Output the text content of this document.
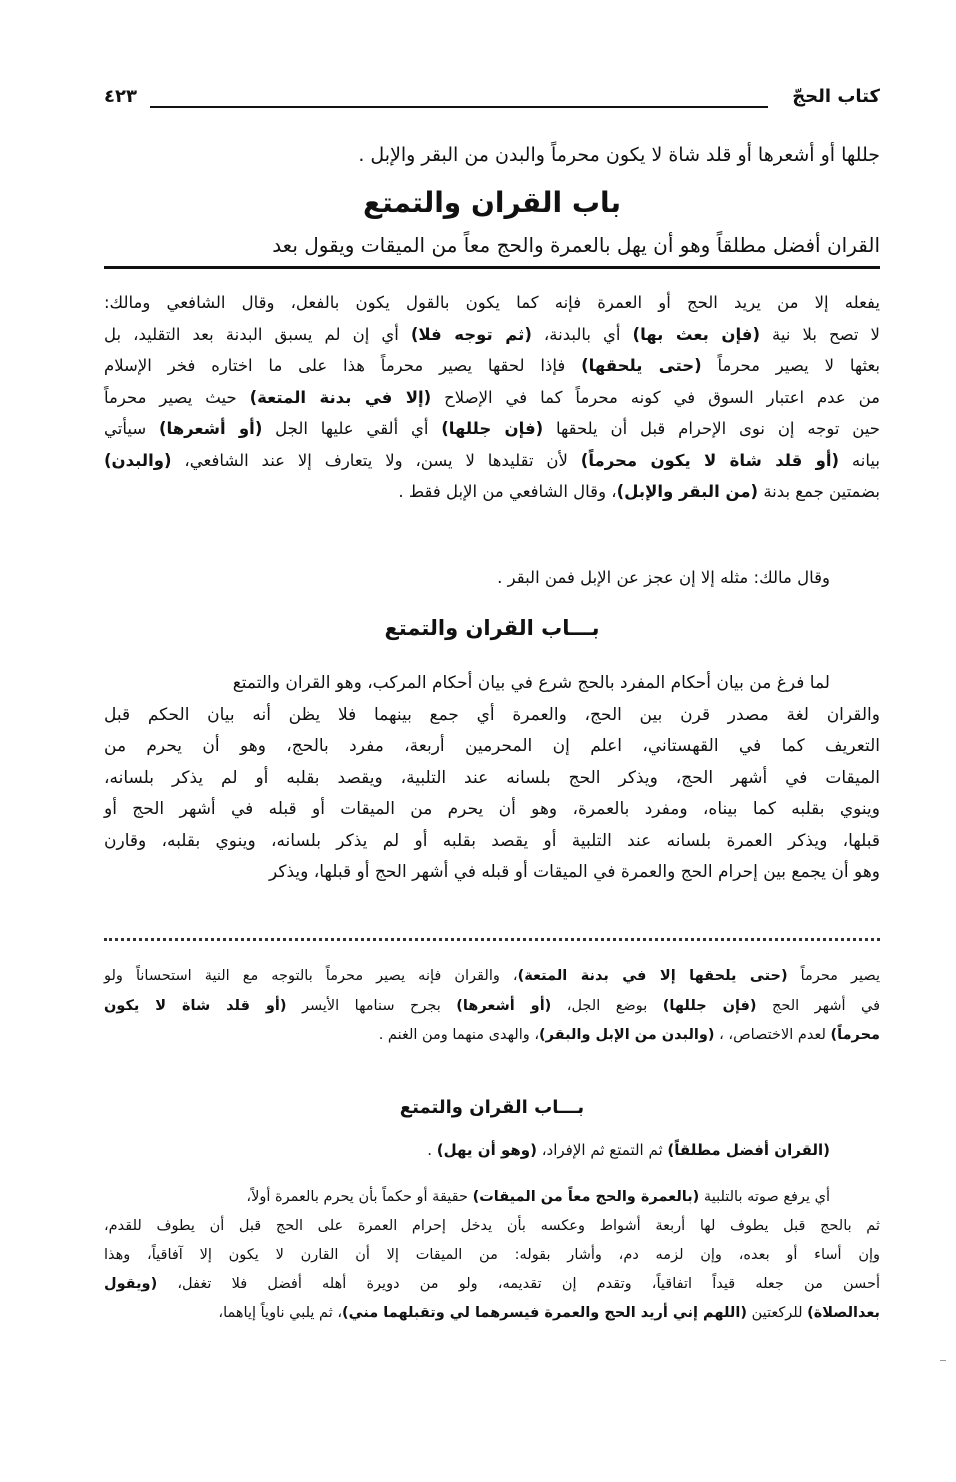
كتاب الحجّ
٤٢٣
جللها أو أشعرها أو قلد شاة لا يكون محرماً والبدن من البقر والإبل .
باب القران والتمتع
القران أفضل مطلقاً وهو أن يهل بالعمرة والحج معاً من الميقات ويقول بعد
يفعله إلا من يريد الحج أو العمرة فإنه كما يكون بالقول يكون بالفعل، وقال الشافعي ومالك:
لا تصح بلا نية (فإن بعث بها) أي بالبدنة، (ثم توجه فلا) أي إن لم يسبق البدنة بعد التقليد، بل
بعثها لا يصير محرماً (حتى يلحقها) فإذا لحقها يصير محرماً هذا على ما اختاره فخر الإسلام
من عدم اعتبار السوق في كونه محرماً كما في الإصلاح (إلا في بدنة المتعة) حيث يصير محرماً
حين توجه إن نوى الإحرام قبل أن يلحقها (فإن جللها) أي ألقي عليها الجل (أو أشعرها) سيأتي
بيانه (أو قلد شاة لا يكون محرماً) لأن تقليدها لا يسن، ولا يتعارف إلا عند الشافعي، (والبدن)
بضمتين جمع بدنة (من البقر والإبل)، وقال الشافعي من الإبل فقط .
وقال مالك: مثله إلا إن عجز عن الإبل فمن البقر .
بـــاب القران والتمتع
لما فرغ من بيان أحكام المفرد بالحج شرع في بيان أحكام المركب، وهو القران والتمتع
والقران لغة مصدر قرن بين الحج، والعمرة أي جمع بينهما فلا يظن أنه بيان الحكم قبل
التعريف كما في القهستاني، اعلم إن المحرمين أربعة، مفرد بالحج، وهو أن يحرم من
الميقات في أشهر الحج، ويذكر الحج بلسانه عند التلبية، ويقصد بقلبه أو لم يذكر بلسانه،
وينوي بقلبه كما بيناه، ومفرد بالعمرة، وهو أن يحرم من الميقات أو قبله في أشهر الحج أو
قبلها، ويذكر العمرة بلسانه عند التلبية أو يقصد بقلبه أو لم يذكر بلسانه، وينوي بقلبه، وقارن
وهو أن يجمع بين إحرام الحج والعمرة في الميقات أو قبله في أشهر الحج أو قبلها، ويذكر
يصير محرماً (حتى يلحقها إلا في بدنة المتعة)، والقران فإنه يصير محرماً بالتوجه مع النية استحساناً ولو
في أشهر الحج (فإن جللها) بوضع الجل، (أو أشعرها) بجرح سنامها الأيسر (أو قلد شاة لا يكون
محرماً) لعدم الاختصاص، ، (والبدن من الإبل والبقر)، والهدى منهما ومن الغنم .
بـــاب القران والتمتع
(القران أفضل مطلقاً) ثم التمتع ثم الإفراد، (وهو أن يهل) .
أي يرفع صوته بالتلبية (بالعمرة والحج معاً من الميقات) حقيقة أو حكماً بأن يحرم بالعمرة أولاً،
ثم بالحج قبل يطوف لها أربعة أشواط وعكسه بأن يدخل إحرام العمرة على الحج قبل أن يطوف للقدم،
وإن أساء أو بعده، وإن لزمه دم، وأشار بقوله: من الميقات إلا أن القارن لا يكون إلا آفاقياً، وهذا
أحسن من جعله قيداً اتفاقياً، وتقدم إن تقديمه، ولو من دويرة أهله أفضل فلا تغفل، (ويقول
بعدالصلاة) للركعتين (اللهم إني أريد الحج والعمرة فيسرهما لي وتقبلهما مني)، ثم يلبي ناوياً إياهما،
